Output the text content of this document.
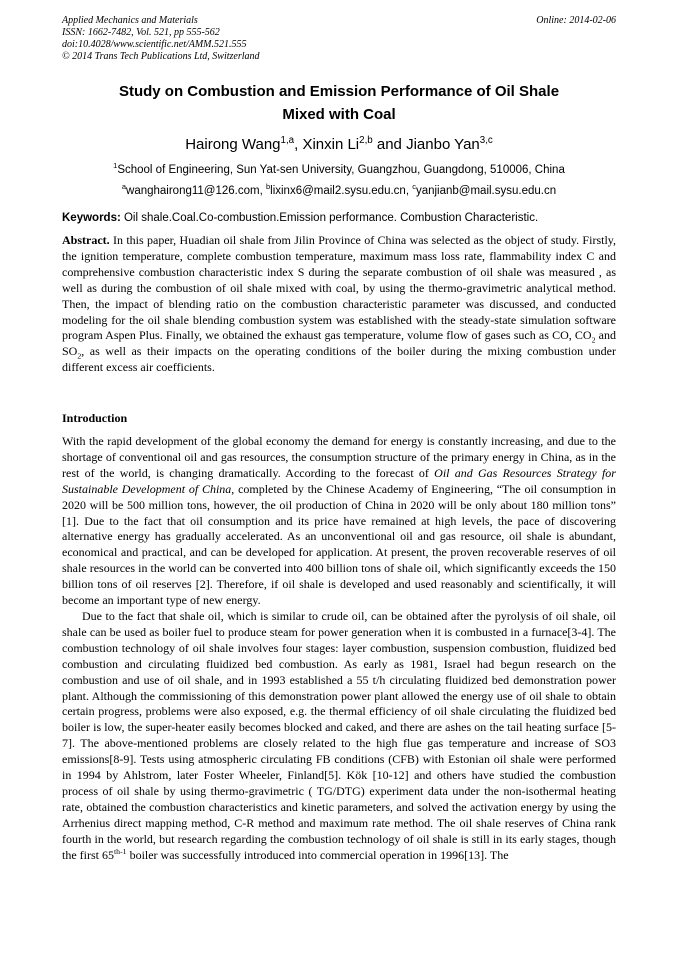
Applied Mechanics and Materials
ISSN: 1662-7482, Vol. 521, pp 555-562
doi:10.4028/www.scientific.net/AMM.521.555
© 2014 Trans Tech Publications Ltd, Switzerland
Online: 2014-02-06
Study on Combustion and Emission Performance of Oil Shale
Mixed with Coal
Hairong Wang$^{1,a}$, Xinxin Li$^{2,b}$ and Jianbo Yan$^{3,c}$
$^1$School of Engineering, Sun Yat-sen University, Guangzhou, Guangdong, 510006, China
$^a$wanghairong11@126.com, $^b$lixinx6@mail2.sysu.edu.cn, $^c$yanjianb@mail.sysu.edu.cn
Keywords: Oil shale.Coal.Co-combustion.Emission performance. Combustion Characteristic.
Abstract. In this paper, Huadian oil shale from Jilin Province of China was selected as the object of study. Firstly, the ignition temperature, complete combustion temperature, maximum mass loss rate, flammability index C and comprehensive combustion characteristic index S during the separate combustion of oil shale was measured , as well as during the combustion of oil shale mixed with coal, by using the thermo-gravimetric analytical method. Then, the impact of blending ratio on the combustion characteristic parameter was discussed, and conducted modeling for the oil shale blending combustion system was established with the steady-state simulation software program Aspen Plus. Finally, we obtained the exhaust gas temperature, volume flow of gases such as CO, $CO_2$ and $SO_2$, as well as their impacts on the operating conditions of the boiler during the mixing combustion under different excess air coefficients.
Introduction

With the rapid development of the global economy the demand for energy is constantly increasing, and due to the shortage of conventional oil and gas resources, the consumption structure of the primary energy in China, as in the rest of the world, is changing dramatically. According to the forecast of Oil and Gas Resources Strategy for Sustainable Development of China, completed by the Chinese Academy of Engineering, “The oil consumption in 2020 will be 500 million tons, however, the oil production of China in 2020 will be only about 180 million tons” [1]. Due to the fact that oil consumption and its price have remained at high levels, the pace of discovering alternative energy has gradually accelerated. As an unconventional oil and gas resource, oil shale is abundant, economical and practical, and can be developed for application. At present, the proven recoverable reserves of oil shale resources in the world can be converted into 400 billion tons of shale oil, which significantly exceeds the 150 billion tons of oil reserves [2]. Therefore, if oil shale is developed and used reasonably and scientifically, it will become an important type of new energy.

Due to the fact that shale oil, which is similar to crude oil, can be obtained after the pyrolysis of oil shale, oil shale can be used as boiler fuel to produce steam for power generation when it is combusted in a furnace[3-4]. The combustion technology of oil shale involves four stages: layer combustion, suspension combustion, fluidized bed combustion and circulating fluidized bed combustion. As early as 1981, Israel had begun research on the combustion and use of oil shale, and in 1993 established a 55 t/h circulating fluidized bed demonstration power plant. Although the commissioning of this demonstration power plant allowed the energy use of oil shale to obtain certain progress, problems were also exposed, e.g. the thermal efficiency of oil shale circulating the fluidized bed boiler is low, the super-heater easily becomes blocked and caked, and there are ashes on the tail heating surface [5-7]. The above-mentioned problems are closely related to the high flue gas temperature and increase of SO3 emissions[8-9]. Tests using atmospheric circulating FB conditions (CFB) with Estonian oil shale were performed in 1994 by Ahlstrom, later Foster Wheeler, Finland[5]. Kök [10-12] and others have studied the combustion process of oil shale by using thermo-gravimetric ( TG/DTG) experiment data under the non-isothermal heating rate, obtained the combustion characteristics and kinetic parameters, and solved the activation energy by using the Arrhenius direct mapping method, C-R method and maximum rate method. The oil shale reserves of China rank fourth in the world, but research regarding the combustion technology of oil shale is still in its early stages, though the first $65^{th-1}$ boiler was successfully introduced into commercial operation in 1996[13]. The
